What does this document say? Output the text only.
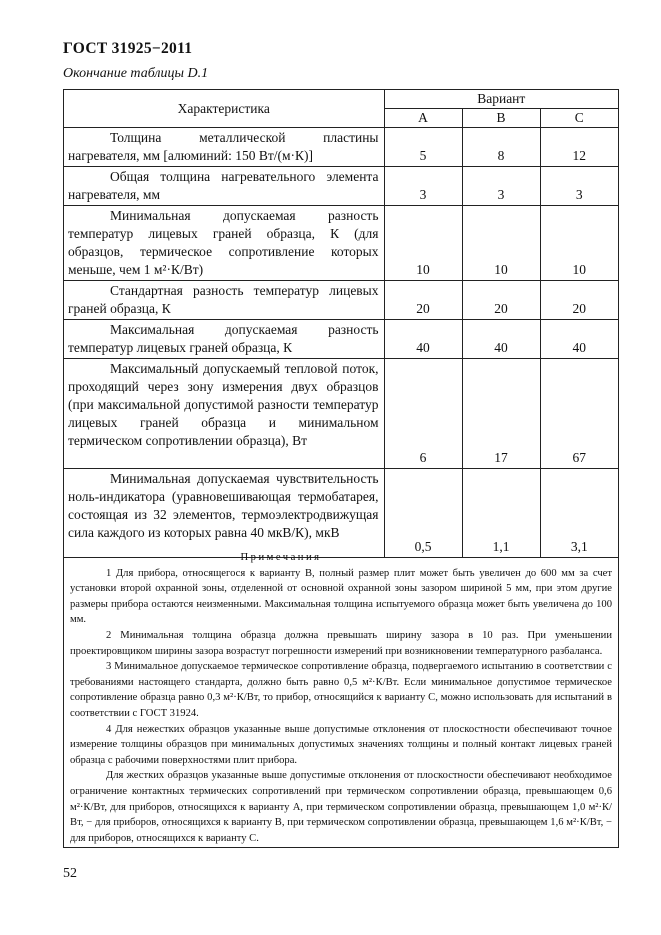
ГОСТ 31925−2011
Окончание таблицы D.1
Характеристика	Вариант		
	A	B	C
Толщина металлической пластины нагревателя, мм [алюминий: 150 Вт/(м·К)]	5	8	12
Общая толщина нагревательного элемента нагревателя, мм	3	3	3
Минимальная допускаемая разность температур лицевых граней образца, К (для образцов, термическое сопротивление которых меньше, чем 1 м²·К/Вт)	10	10	10
Стандартная разность температур лицевых граней образца, К	20	20	20
Максимальная допускаемая разность температур лицевых граней образца, К	40	40	40
Максимальный допускаемый тепловой поток, проходящий через зону измерения двух образцов (при максимальной допустимой разности температур лицевых граней образца и минимальном термическом сопротивлении образца), Вт	6	17	67
Минимальная допускаемая чувствительность ноль-индикатора (уравновешивающая термобатарея, состоящая из 32 элементов, термоэлектродвижущая сила каждого из которых равна 40 мкВ/К), мкВ	0,5	1,1	3,1

Примечания

1 Для прибора, относящегося к варианту В, полный размер плит может быть увеличен до 600 мм за счет установки второй охранной зоны, отделенной от основной охранной зоны зазором шириной 5 мм, при этом другие размеры прибора остаются неизменными. Максимальная толщина испытуемого образца может быть увеличена до 100 мм.

2 Минимальная толщина образца должна превышать ширину зазора в 10 раз. При уменьшении проектировщиком ширины зазора возрастут погрешности измерений при возникновении температурного разбаланса.

3 Минимальное допускаемое термическое сопротивление образца, подвергаемого испытанию в соответствии с требованиями настоящего стандарта, должно быть равно 0,5 м²·К/Вт. Если минимальное допустимое термическое сопротивление образца равно 0,3 м²·К/Вт, то прибор, относящийся к варианту С, можно использовать для испытаний в соответствии с ГОСТ 31924.

4 Для нежестких образцов указанные выше допустимые отклонения от плоскостности обеспечивают точное измерение толщины образцов при минимальных допустимых значениях толщины и полный контакт лицевых граней образца с рабочими поверхностями плит прибора.

Для жестких образцов указанные выше допустимые отклонения от плоскостности обеспечивают необходимое ограничение контактных термических сопротивлений при термическом сопротивлении образца, превышающем 0,6 м²·К/Вт, для приборов, относящихся к варианту А, при термическом сопротивлении образца, превышающем 1,0 м²·К/Вт, − для приборов, относящихся к варианту В, при термическом сопротивлении образца, превышающем 1,6 м²·К/Вт, − для приборов, относящихся к варианту С.

52
